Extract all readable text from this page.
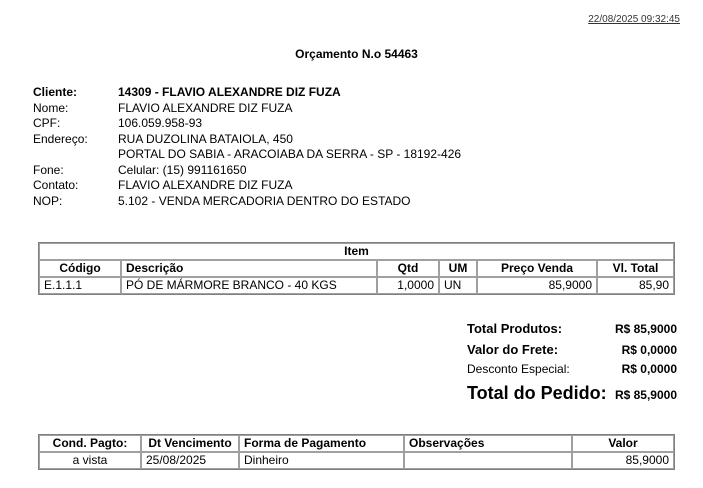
22/08/2025 09:32:45
Orçamento N.o 54463
Cliente:	14309 - FLAVIO ALEXANDRE DIZ FUZA
Nome:	FLAVIO ALEXANDRE DIZ FUZA
CPF:	106.059.958-93
Endereço:	RUA DUZOLINA BATAIOLA, 450
PORTAL DO SABIA - ARACOIABA DA SERRA - SP - 18192-426
Fone:	Celular: (15) 991161650
Contato:	FLAVIO ALEXANDRE DIZ FUZA
NOP:	5.102 - VENDA MERCADORIA DENTRO DO ESTADO
Item					
Código	Descrição	Qtd	UM	Preço Venda	Vl. Total
E.1.1.1	PÓ DE MÁRMORE BRANCO - 40 KGS	1,0000	UN	85,9000	85,90
Total Produtos:	R$ 85,9000
Valor do Frete:	R$ 0,0000
Desconto Especial:	R$ 0,0000
Total do Pedido: R$ 85,9000
Cond. Pagto:	Dt Vencimento	Forma de Pagamento	Observações	Valor
a vista	25/08/2025	Dinheiro		85,9000
